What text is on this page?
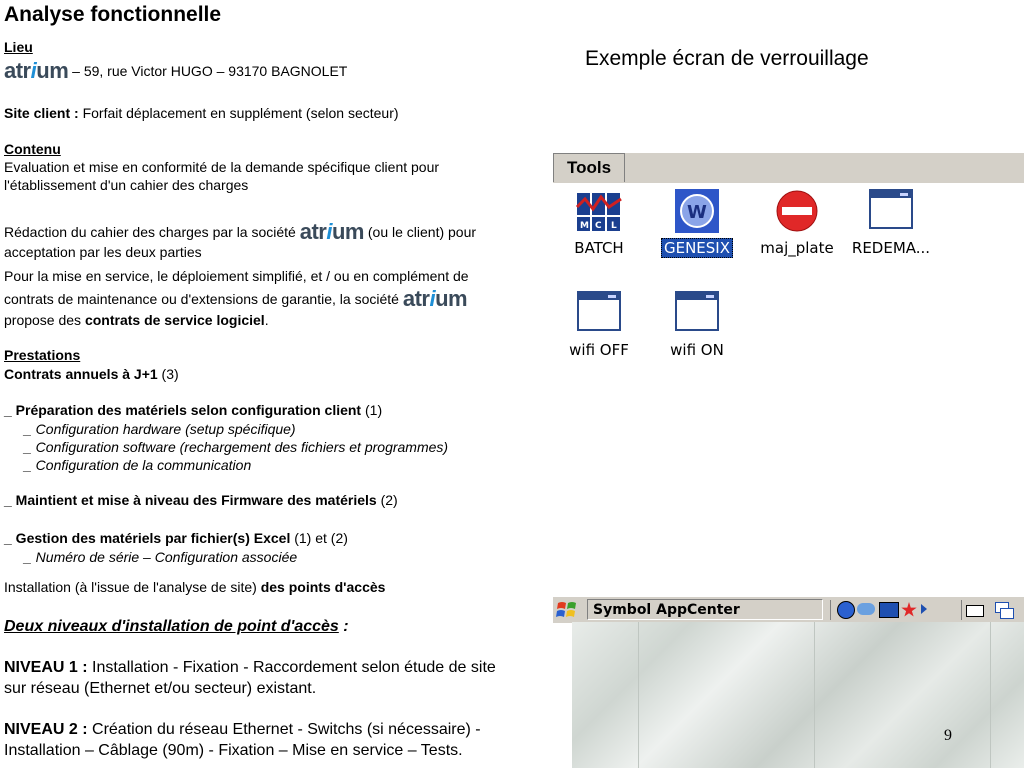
Analyse fonctionnelle
Lieu
atrium – 59, rue Victor HUGO – 93170 BAGNOLET
Site client : Forfait déplacement en supplément (selon secteur)
Contenu
Evaluation et mise en conformité de la demande spécifique client pour
l'établissement d'un cahier des charges
Rédaction du cahier des charges par la société atrium (ou le client) pour
acceptation par les deux parties
Pour la mise en service, le déploiement simplifié, et / ou en complément de
contrats de maintenance ou d'extensions de garantie, la société atrium
propose des contrats de service logiciel.
Prestations
Contrats annuels à J+1 (3)
_ Préparation des matériels selon configuration client (1)
_ Configuration hardware (setup spécifique)
_ Configuration software (rechargement des fichiers et programmes)
_ Configuration de la communication
_ Maintient et mise à niveau des Firmware des matériels (2)
_ Gestion des matériels par fichier(s) Excel (1) et (2)
_ Numéro de série – Configuration associée
Installation (à l'issue de l'analyse de site) des points d'accès
Deux niveaux d'installation de point d'accès :
NIVEAU 1 : Installation - Fixation - Raccordement selon étude de site
sur réseau (Ethernet et/ou secteur) existant.
NIVEAU 2 : Création du réseau Ethernet - Switchs (si nécessaire) -
Installation – Câblage (90m) - Fixation – Mise en service – Tests.
Exemple écran de verrouillage
Tools
M C L
BATCH
W
GENESIX	maj_plate	REDEMA...
wifi OFF	wifi ON
Symbol AppCenter
9
